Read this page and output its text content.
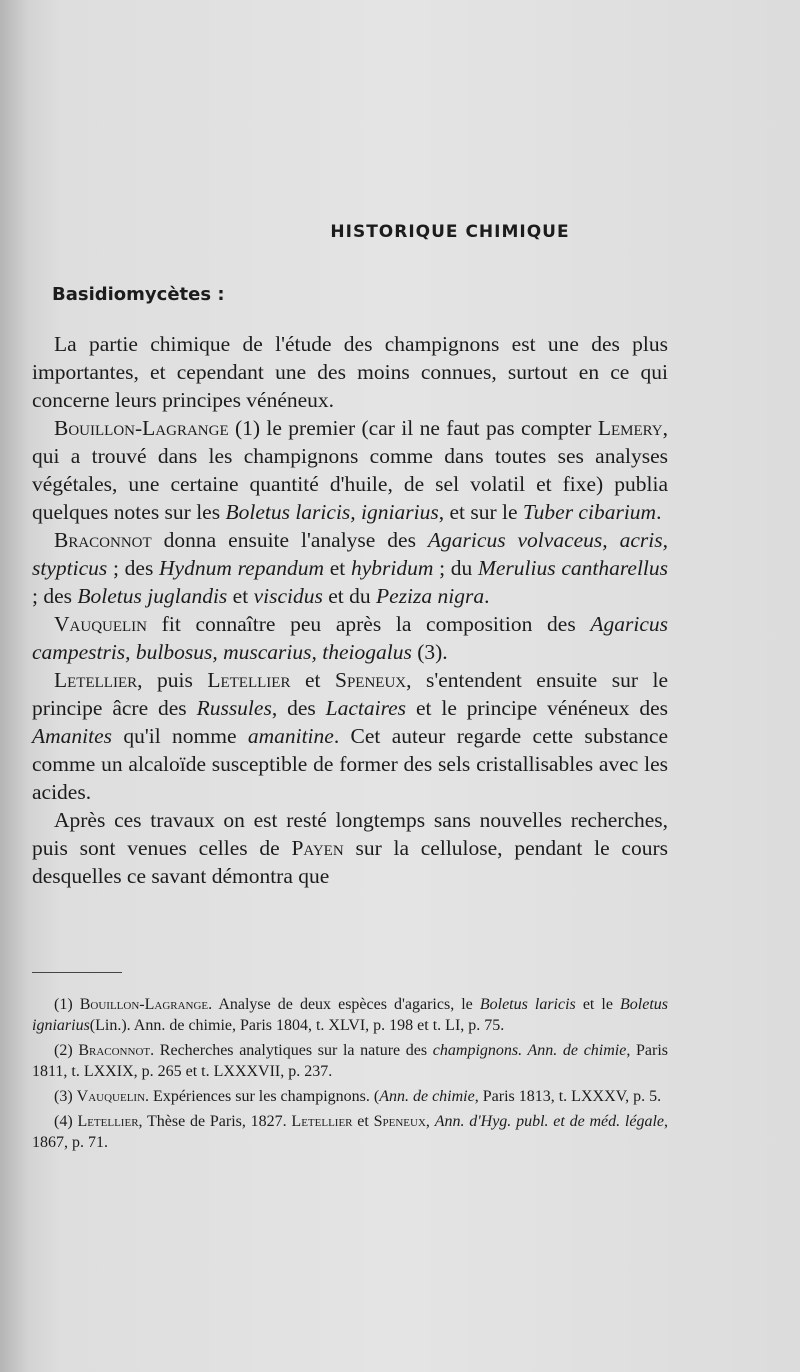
HISTORIQUE CHIMIQUE
Basidiomycètes :

La partie chimique de l'étude des champignons est une des plus importantes, et cependant une des moins connues, surtout en ce qui concerne leurs principes vénéneux.

Bouillon-Lagrange (1) le premier (car il ne faut pas compter Lemery, qui a trouvé dans les champignons comme dans toutes ses analyses végétales, une certaine quantité d'huile, de sel volatil et fixe) publia quelques notes sur les Boletus laricis, igniarius, et sur le Tuber cibarium.

Braconnot donna ensuite l'analyse des Agaricus volvaceus, acris, stypticus ; des Hydnum repandum et hybridum ; du Merulius cantharellus ; des Boletus juglandis et viscidus et du Peziza nigra.

Vauquelin fit connaître peu après la composition des Agaricus campestris, bulbosus, muscarius, theiogalus (3).

Letellier, puis Letellier et Speneux, s'entendent ensuite sur le principe âcre des Russules, des Lactaires et le principe vénéneux des Amanites qu'il nomme amanitine. Cet auteur regarde cette substance comme un alcaloïde susceptible de former des sels cristallisables avec les acides.

Après ces travaux on est resté longtemps sans nouvelles recherches, puis sont venues celles de Payen sur la cellulose, pendant le cours desquelles ce savant démontra que

(1) Bouillon-Lagrange. Analyse de deux espèces d'agarics, le Boletus laricis et le Boletus igniarius(Lin.). Ann. de chimie, Paris 1804, t. XLVI, p. 198 et t. LI, p. 75.

(2) Braconnot. Recherches analytiques sur la nature des champignons. Ann. de chimie, Paris 1811, t. LXXIX, p. 265 et t. LXXXVII, p. 237.

(3) Vauquelin. Expériences sur les champignons. (Ann. de chimie, Paris 1813, t. LXXXV, p. 5.

(4) Letellier, Thèse de Paris, 1827. Letellier et Speneux, Ann. d'Hyg. publ. et de méd. légale, 1867, p. 71.
